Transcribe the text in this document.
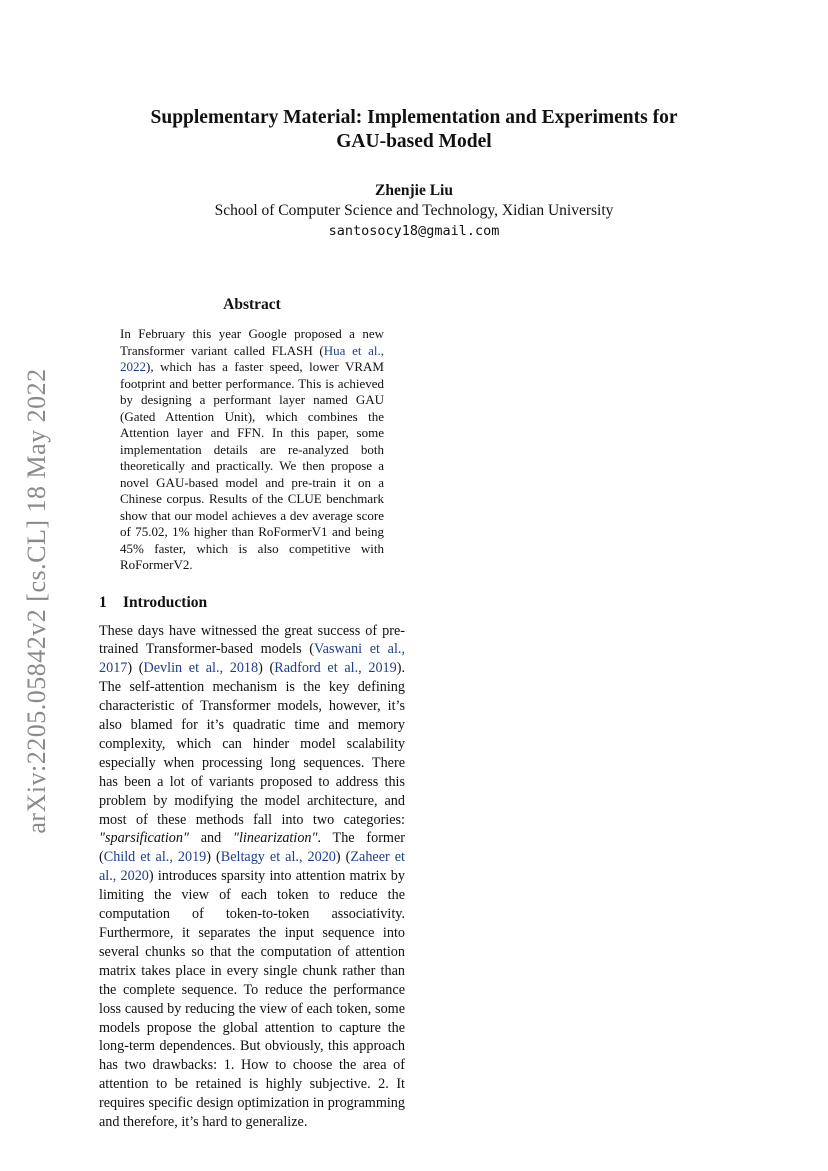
arXiv:2205.05842v2 [cs.CL] 18 May 2022
Supplementary Material: Implementation and Experiments for
GAU-based Model
Zhenjie Liu
School of Computer Science and Technology, Xidian University
santosocy18@gmail.com
Abstract

In February this year Google proposed a new Transformer variant called FLASH (Hua et al., 2022), which has a faster speed, lower VRAM footprint and better performance. This is achieved by designing a performant layer named GAU (Gated Attention Unit), which combines the Attention layer and FFN. In this paper, some implementation details are re-analyzed both theoretically and practically. We then propose a novel GAU-based model and pre-train it on a Chinese corpus. Results of the CLUE benchmark show that our model achieves a dev average score of 75.02, 1% higher than RoFormerV1 and being 45% faster, which is also competitive with RoFormerV2.

1 Introduction

These days have witnessed the great success of pre-trained Transformer-based models (Vaswani et al., 2017) (Devlin et al., 2018) (Radford et al., 2019). The self-attention mechanism is the key defining characteristic of Transformer models, however, it’s also blamed for it’s quadratic time and memory complexity, which can hinder model scalability especially when processing long sequences. There has been a lot of variants proposed to address this problem by modifying the model architecture, and most of these methods fall into two categories: "sparsification" and "linearization". The former (Child et al., 2019) (Beltagy et al., 2020) (Zaheer et al., 2020) introduces sparsity into attention matrix by limiting the view of each token to reduce the computation of token-to-token associativity. Furthermore, it separates the input sequence into several chunks so that the computation of attention matrix takes place in every single chunk rather than the complete sequence. To reduce the performance loss caused by reducing the view of each token, some models propose the global attention to capture the long-term dependences. But obviously, this approach has two drawbacks: 1. How to choose the area of attention to be retained is highly subjective. 2. It requires specific design optimization in programming and therefore, it’s hard to generalize.
